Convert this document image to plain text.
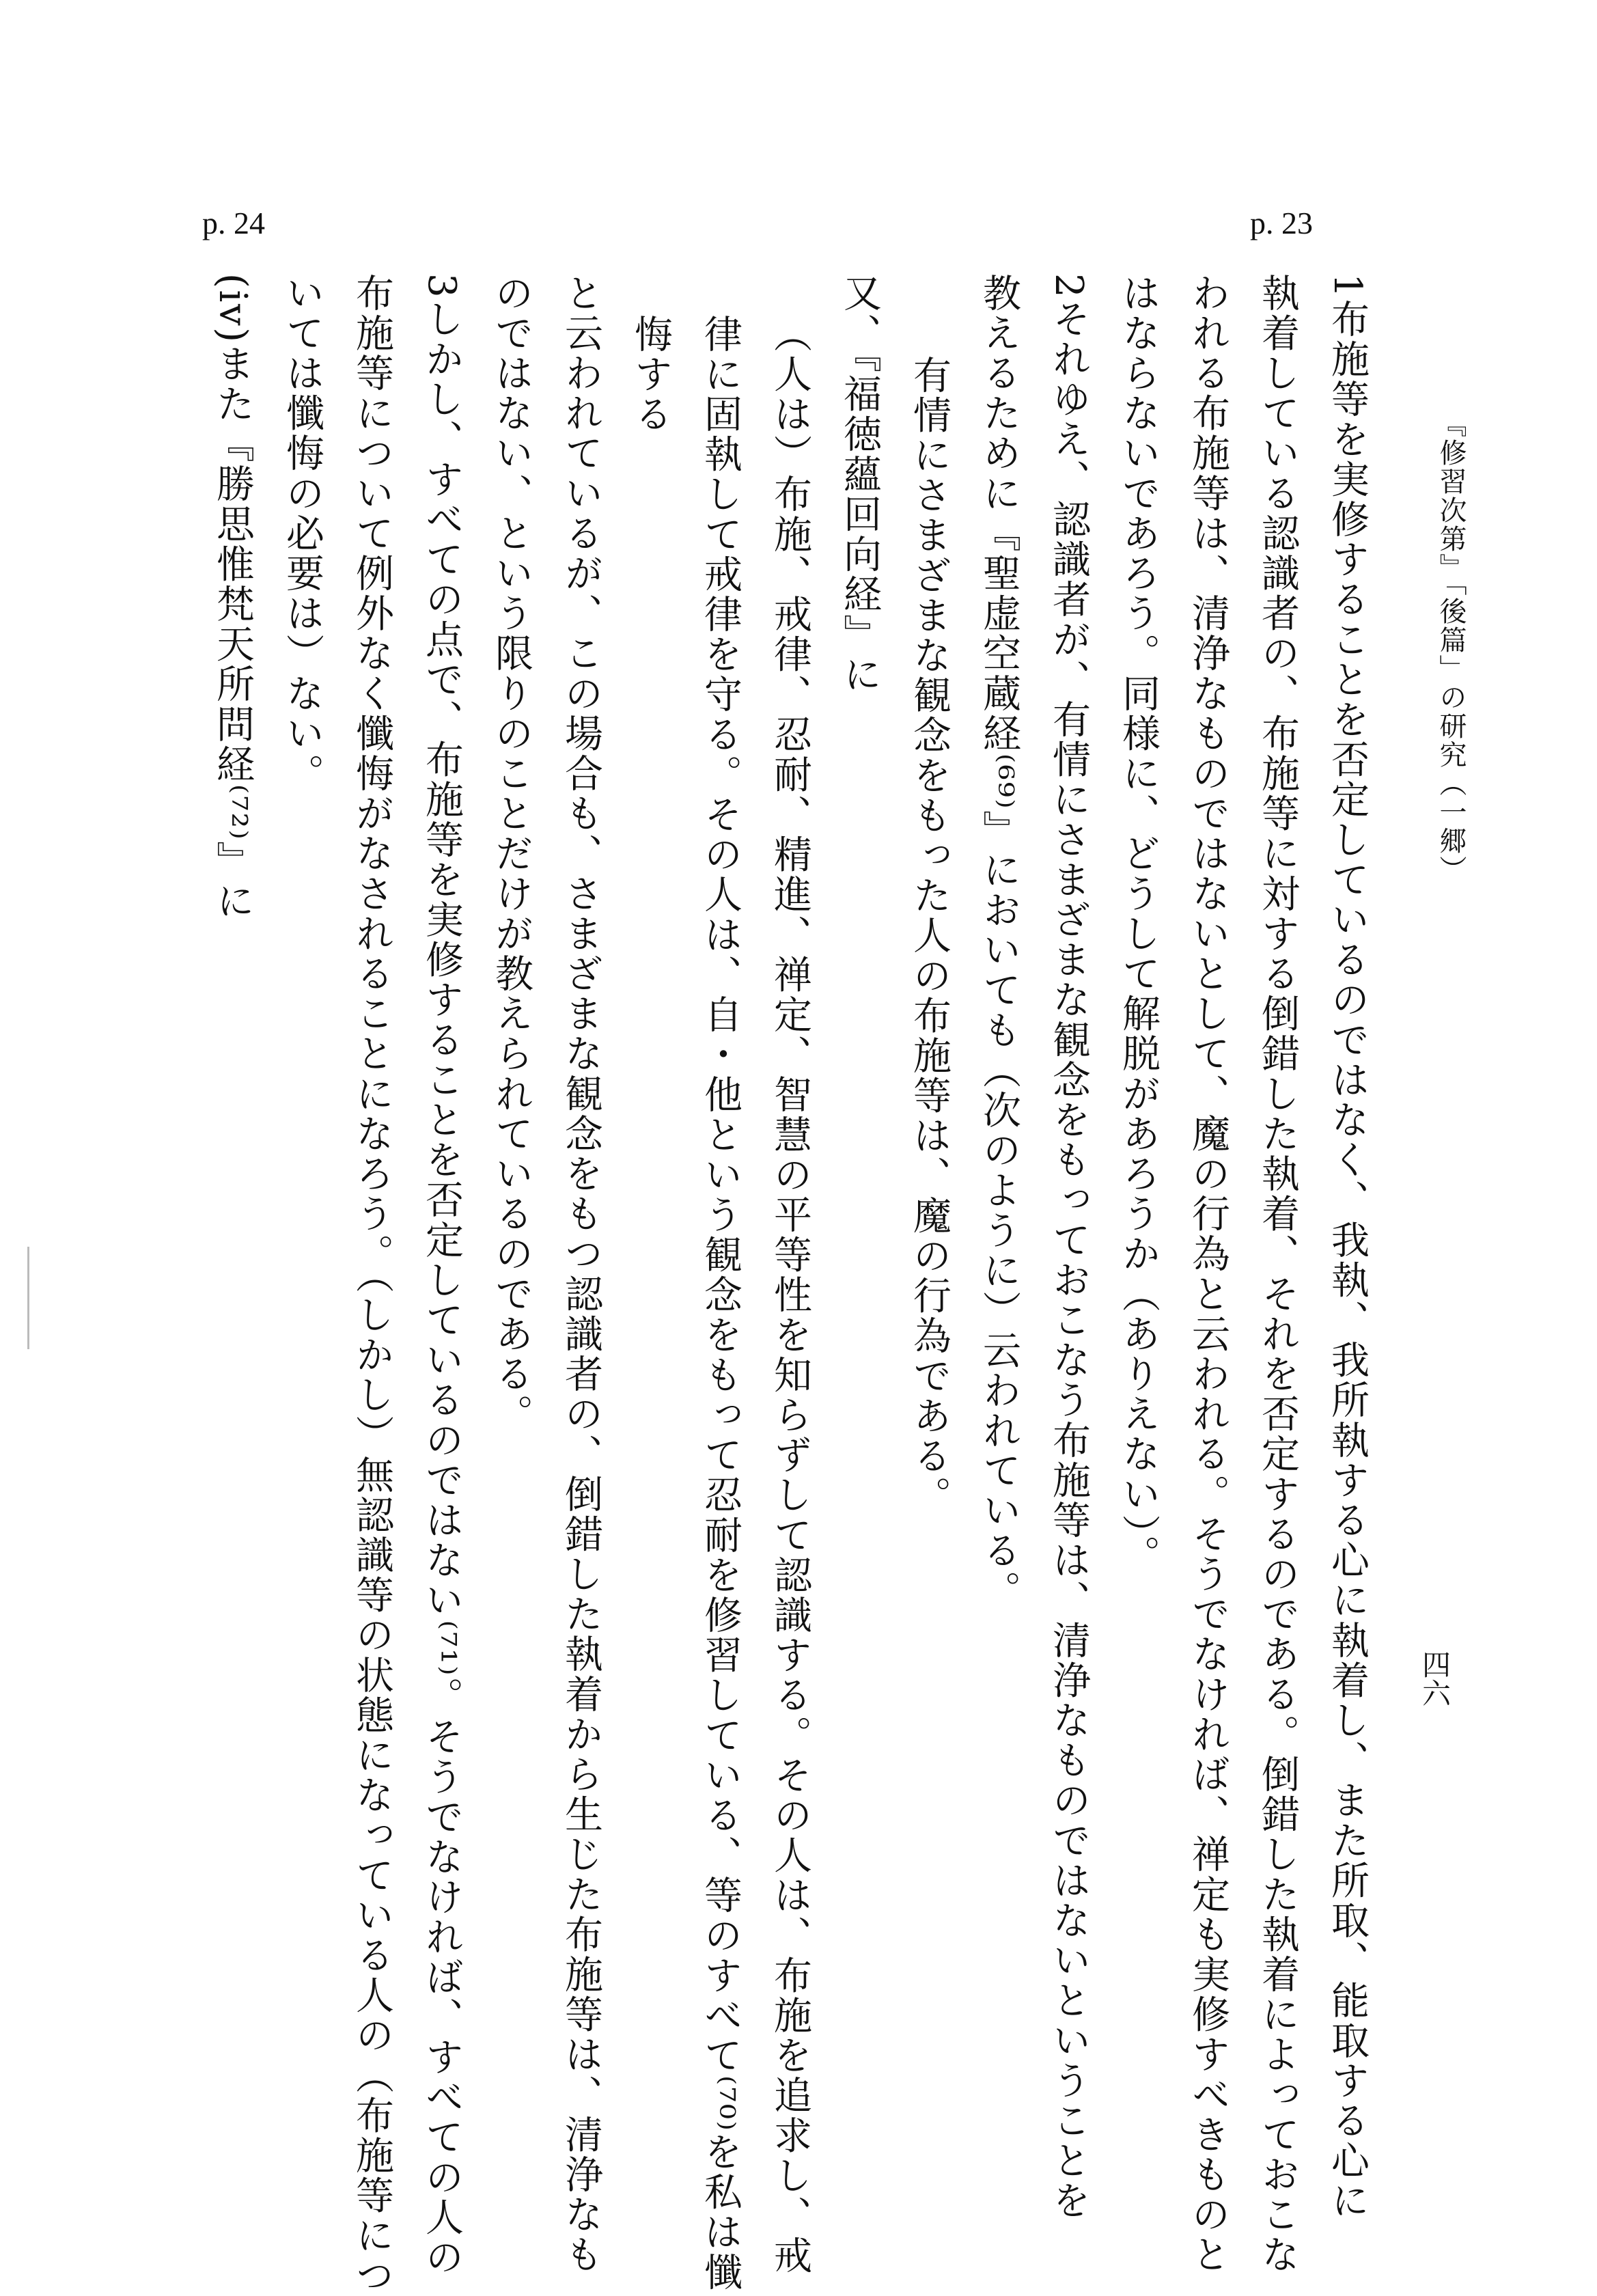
p. 23
p. 24
『修習次第』「後篇」の研究（一郷）
四六
1布施等を実修することを否定しているのではなく、我執、我所執する心に執着し、また所取、能取する心に
執着している認識者の、布施等に対する倒錯した執着、それを否定するのである。倒錯した執着によっておこな
われる布施等は、清浄なものではないとして、魔の行為と云われる。そうでなければ、禅定も実修すべきものと
はならないであろう。同様に、どうして解脱があろうか（ありえない）。
2それゆえ、認識者が、有情にさまざまな観念をもっておこなう布施等は、清浄なものではないということを
教えるために『聖虚空蔵経⁽⁶⁹⁾』においても（次のように）云われている。
有情にさまざまな観念をもった人の布施等は、魔の行為である。
又、『福徳蘊回向経』に
（人は）布施、戒律、忍耐、精進、禅定、智慧の平等性を知らずして認識する。その人は、布施を追求し、戒
律に固執して戒律を守る。その人は、自・他という観念をもって忍耐を修習している、等のすべて⁽⁷⁰⁾を私は懺
悔する
と云われているが、この場合も、さまざまな観念をもつ認識者の、倒錯した執着から生じた布施等は、清浄なも
のではない、という限りのことだけが教えられているのである。
3しかし、すべての点で、布施等を実修することを否定しているのではない⁽⁷¹⁾。そうでなければ、すべての人の
布施等について例外なく懺悔がなされることになろう。（しかし）無認識等の状態になっている人の（布施等につ
いては懺悔の必要は）ない。
(iv)また『勝思惟梵天所問経⁽⁷²⁾』に
